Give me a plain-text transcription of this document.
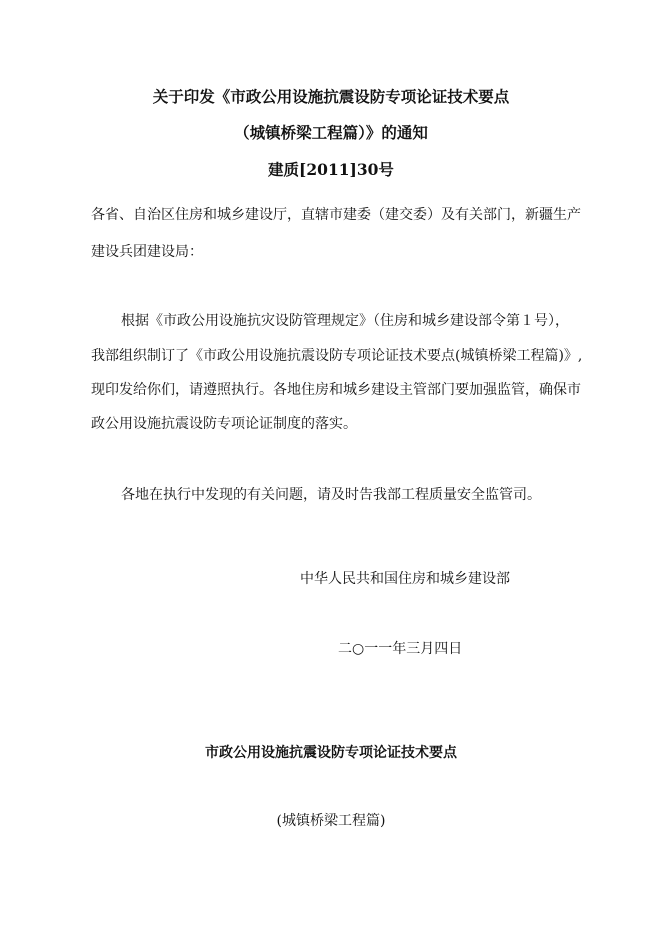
关于印发《市政公用设施抗震设防专项论证技术要点
（城镇桥梁工程篇）》的通知
建质[2011]30号
各省、自治区住房和城乡建设厅，直辖市建委（建交委）及有关部门，新疆生产
建设兵团建设局：
根据《市政公用设施抗灾设防管理规定》（住房和城乡建设部令第１号），
我部组织制订了《市政公用设施抗震设防专项论证技术要点(城镇桥梁工程篇)》,
现印发给你们，请遵照执行。各地住房和城乡建设主管部门要加强监管，确保市
政公用设施抗震设防专项论证制度的落实。
各地在执行中发现的有关问题，请及时告我部工程质量安全监管司。
中华人民共和国住房和城乡建设部
二○一一年三月四日
市政公用设施抗震设防专项论证技术要点
(城镇桥梁工程篇)
